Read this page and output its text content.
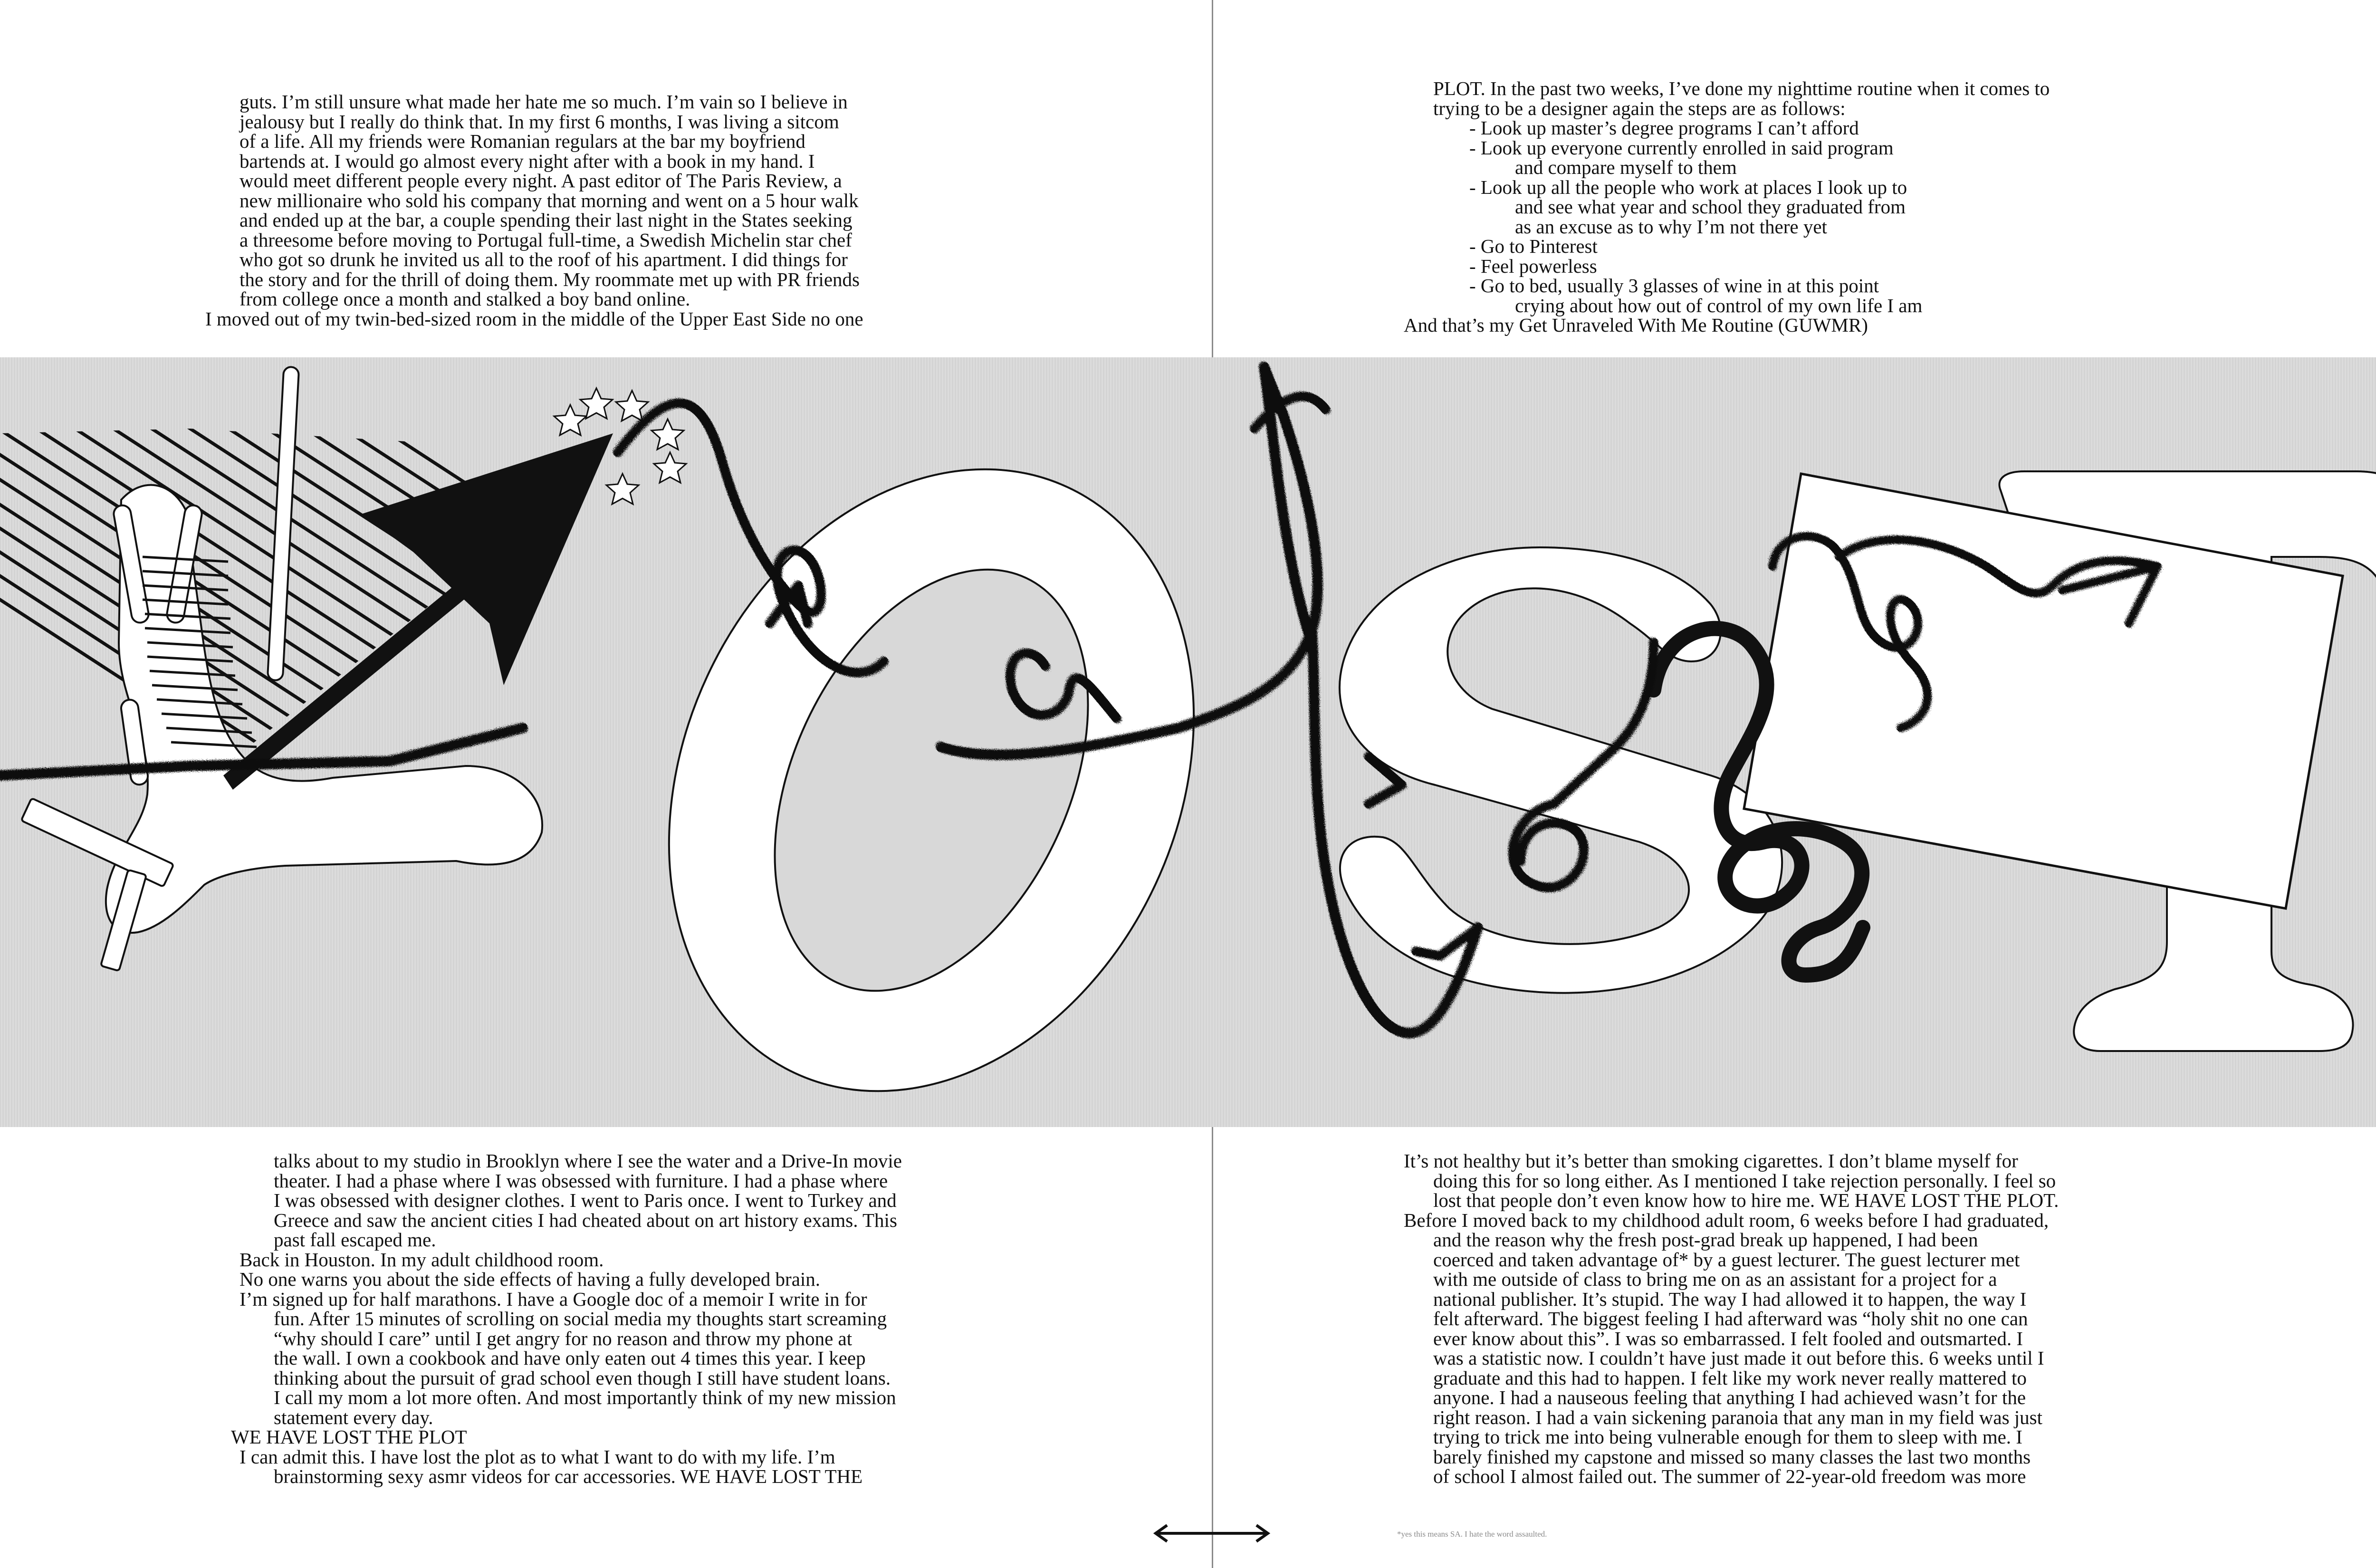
guts. I’m still unsure what made her hate me so much. I’m vain so I believe in
jealousy but I really do think that. In my first 6 months, I was living a sitcom
of a life. All my friends were Romanian regulars at the bar my boyfriend
bartends at. I would go almost every night after with a book in my hand. I
would meet different people every night. A past editor of The Paris Review, a
new millionaire who sold his company that morning and went on a 5 hour walk
and ended up at the bar, a couple spending their last night in the States seeking
a threesome before moving to Portugal full-time, a Swedish Michelin star chef
who got so drunk he invited us all to the roof of his apartment. I did things for
the story and for the thrill of doing them. My roommate met up with PR friends
from college once a month and stalked a boy band online.
I moved out of my twin-bed-sized room in the middle of the Upper East Side no one
PLOT. In the past two weeks, I’ve done my nighttime routine when it comes to
trying to be a designer again the steps are as follows:
- Look up master’s degree programs I can’t afford
- Look up everyone currently enrolled in said program
and compare myself to them
- Look up all the people who work at places I look up to
and see what year and school they graduated from
as an excuse as to why I’m not there yet
- Go to Pinterest
- Feel powerless
- Go to bed, usually 3 glasses of wine in at this point
crying about how out of control of my own life I am
And that’s my Get Unraveled With Me Routine (GUWMR)
talks about to my studio in Brooklyn where I see the water and a Drive-In movie
theater. I had a phase where I was obsessed with furniture. I had a phase where
I was obsessed with designer clothes. I went to Paris once. I went to Turkey and
Greece and saw the ancient cities I had cheated about on art history exams. This
past fall escaped me.
Back in Houston. In my adult childhood room.
No one warns you about the side effects of having a fully developed brain.
I’m signed up for half marathons. I have a Google doc of a memoir I write in for
fun. After 15 minutes of scrolling on social media my thoughts start screaming
“why should I care” until I get angry for no reason and throw my phone at
the wall. I own a cookbook and have only eaten out 4 times this year. I keep
thinking about the pursuit of grad school even though I still have student loans.
I call my mom a lot more often. And most importantly think of my new mission
statement every day.
WE HAVE LOST THE PLOT
I can admit this. I have lost the plot as to what I want to do with my life. I’m
brainstorming sexy asmr videos for car accessories. WE HAVE LOST THE
It’s not healthy but it’s better than smoking cigarettes. I don’t blame myself for
doing this for so long either. As I mentioned I take rejection personally. I feel so
lost that people don’t even know how to hire me. WE HAVE LOST THE PLOT.
Before I moved back to my childhood adult room, 6 weeks before I had graduated,
and the reason why the fresh post-grad break up happened, I had been
coerced and taken advantage of* by a guest lecturer. The guest lecturer met
with me outside of class to bring me on as an assistant for a project for a
national publisher. It’s stupid. The way I had allowed it to happen, the way I
felt afterward. The biggest feeling I had afterward was “holy shit no one can
ever know about this”. I was so embarrassed. I felt fooled and outsmarted. I
was a statistic now. I couldn’t have just made it out before this. 6 weeks until I
graduate and this had to happen. I felt like my work never really mattered to
anyone. I had a nauseous feeling that anything I had achieved wasn’t for the
right reason. I had a vain sickening paranoia that any man in my field was just
trying to trick me into being vulnerable enough for them to sleep with me. I
barely finished my capstone and missed so many classes the last two months
of school I almost failed out. The summer of 22-year-old freedom was more
*yes this means SA. I hate the word assaulted.
